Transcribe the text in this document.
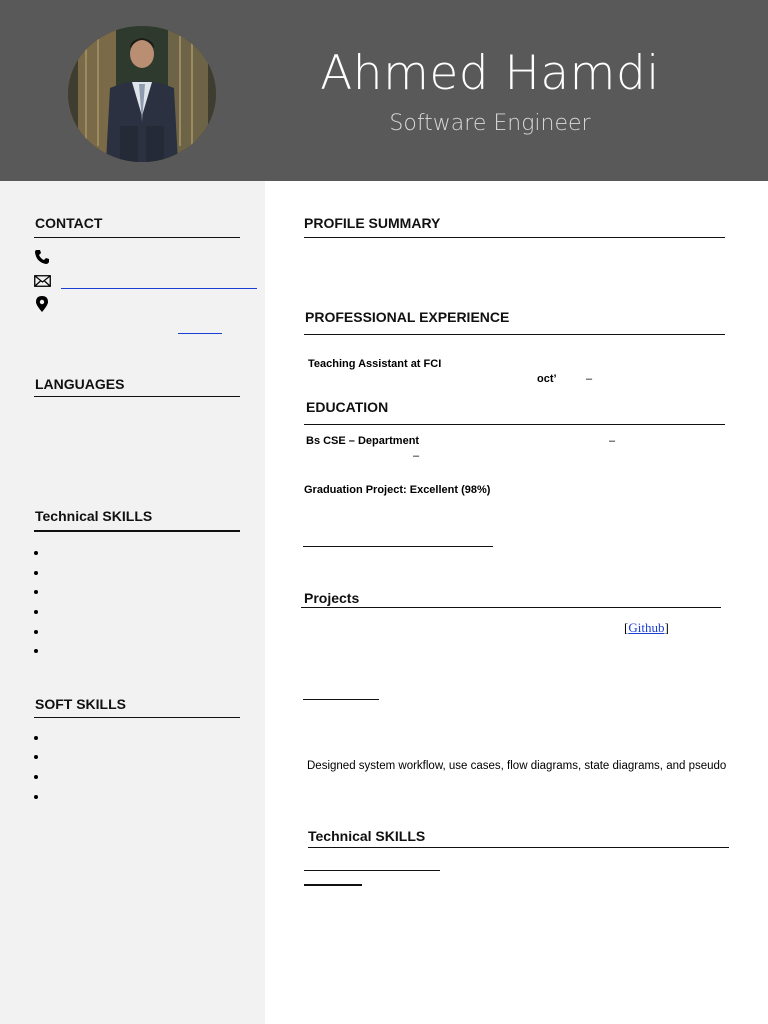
Ahmed Hamdi
Software Engineer
CONTACT
LANGUAGES
Technical SKILLS
SOFT SKILLS
PROFILE SUMMARY
PROFESSIONAL EXPERIENCE
Teaching Assistant at FCI
oct’	–
EDUCATION
Bs CSE – Department	–
–
Graduation Project: Excellent (98%)
Projects
[Github]
Designed system workflow, use cases, flow diagrams, state diagrams, and pseudo
Technical SKILLS
